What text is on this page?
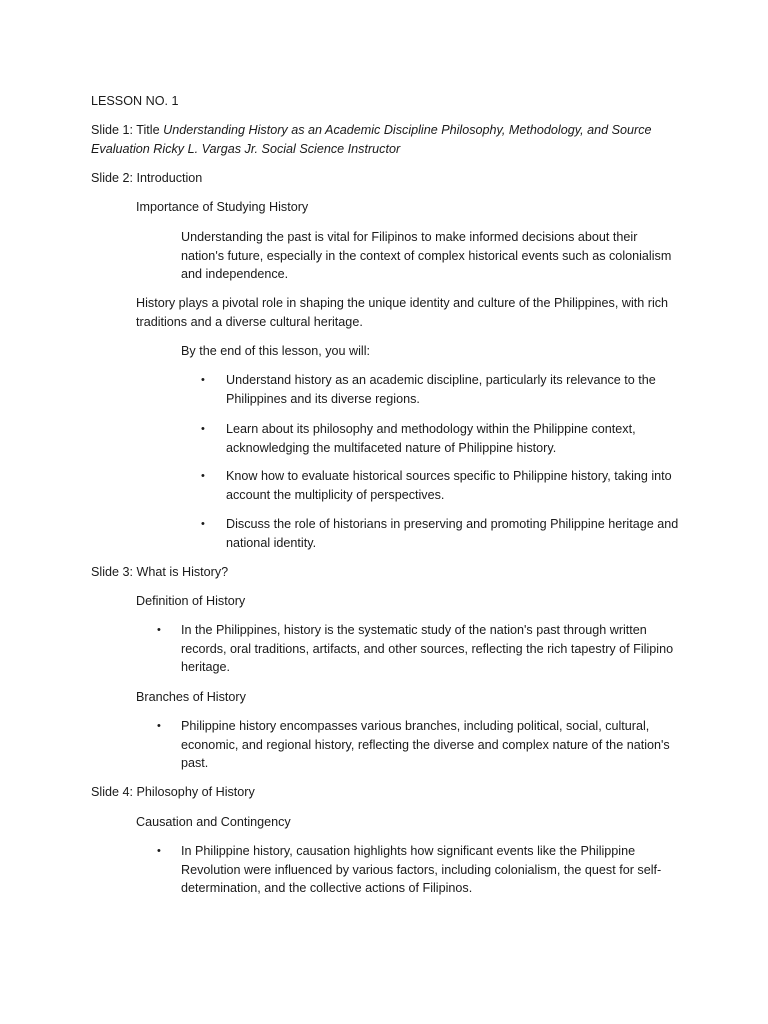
LESSON NO. 1

Slide 1: Title Understanding History as an Academic Discipline Philosophy, Methodology, and Source Evaluation Ricky L. Vargas Jr. Social Science Instructor

Slide 2: Introduction

Importance of Studying History

Understanding the past is vital for Filipinos to make informed decisions about their nation's future, especially in the context of complex historical events such as colonialism and independence.

History plays a pivotal role in shaping the unique identity and culture of the Philippines, with rich traditions and a diverse cultural heritage.

By the end of this lesson, you will:

• Understand history as an academic discipline, particularly its relevance to the Philippines and its diverse regions.

• Learn about its philosophy and methodology within the Philippine context, acknowledging the multifaceted nature of Philippine history.

• Know how to evaluate historical sources specific to Philippine history, taking into account the multiplicity of perspectives.

• Discuss the role of historians in preserving and promoting Philippine heritage and national identity.

Slide 3: What is History?

Definition of History

• In the Philippines, history is the systematic study of the nation's past through written records, oral traditions, artifacts, and other sources, reflecting the rich tapestry of Filipino heritage.

Branches of History

• Philippine history encompasses various branches, including political, social, cultural, economic, and regional history, reflecting the diverse and complex nature of the nation's past.

Slide 4: Philosophy of History

Causation and Contingency

• In Philippine history, causation highlights how significant events like the Philippine Revolution were influenced by various factors, including colonialism, the quest for self-determination, and the collective actions of Filipinos.
